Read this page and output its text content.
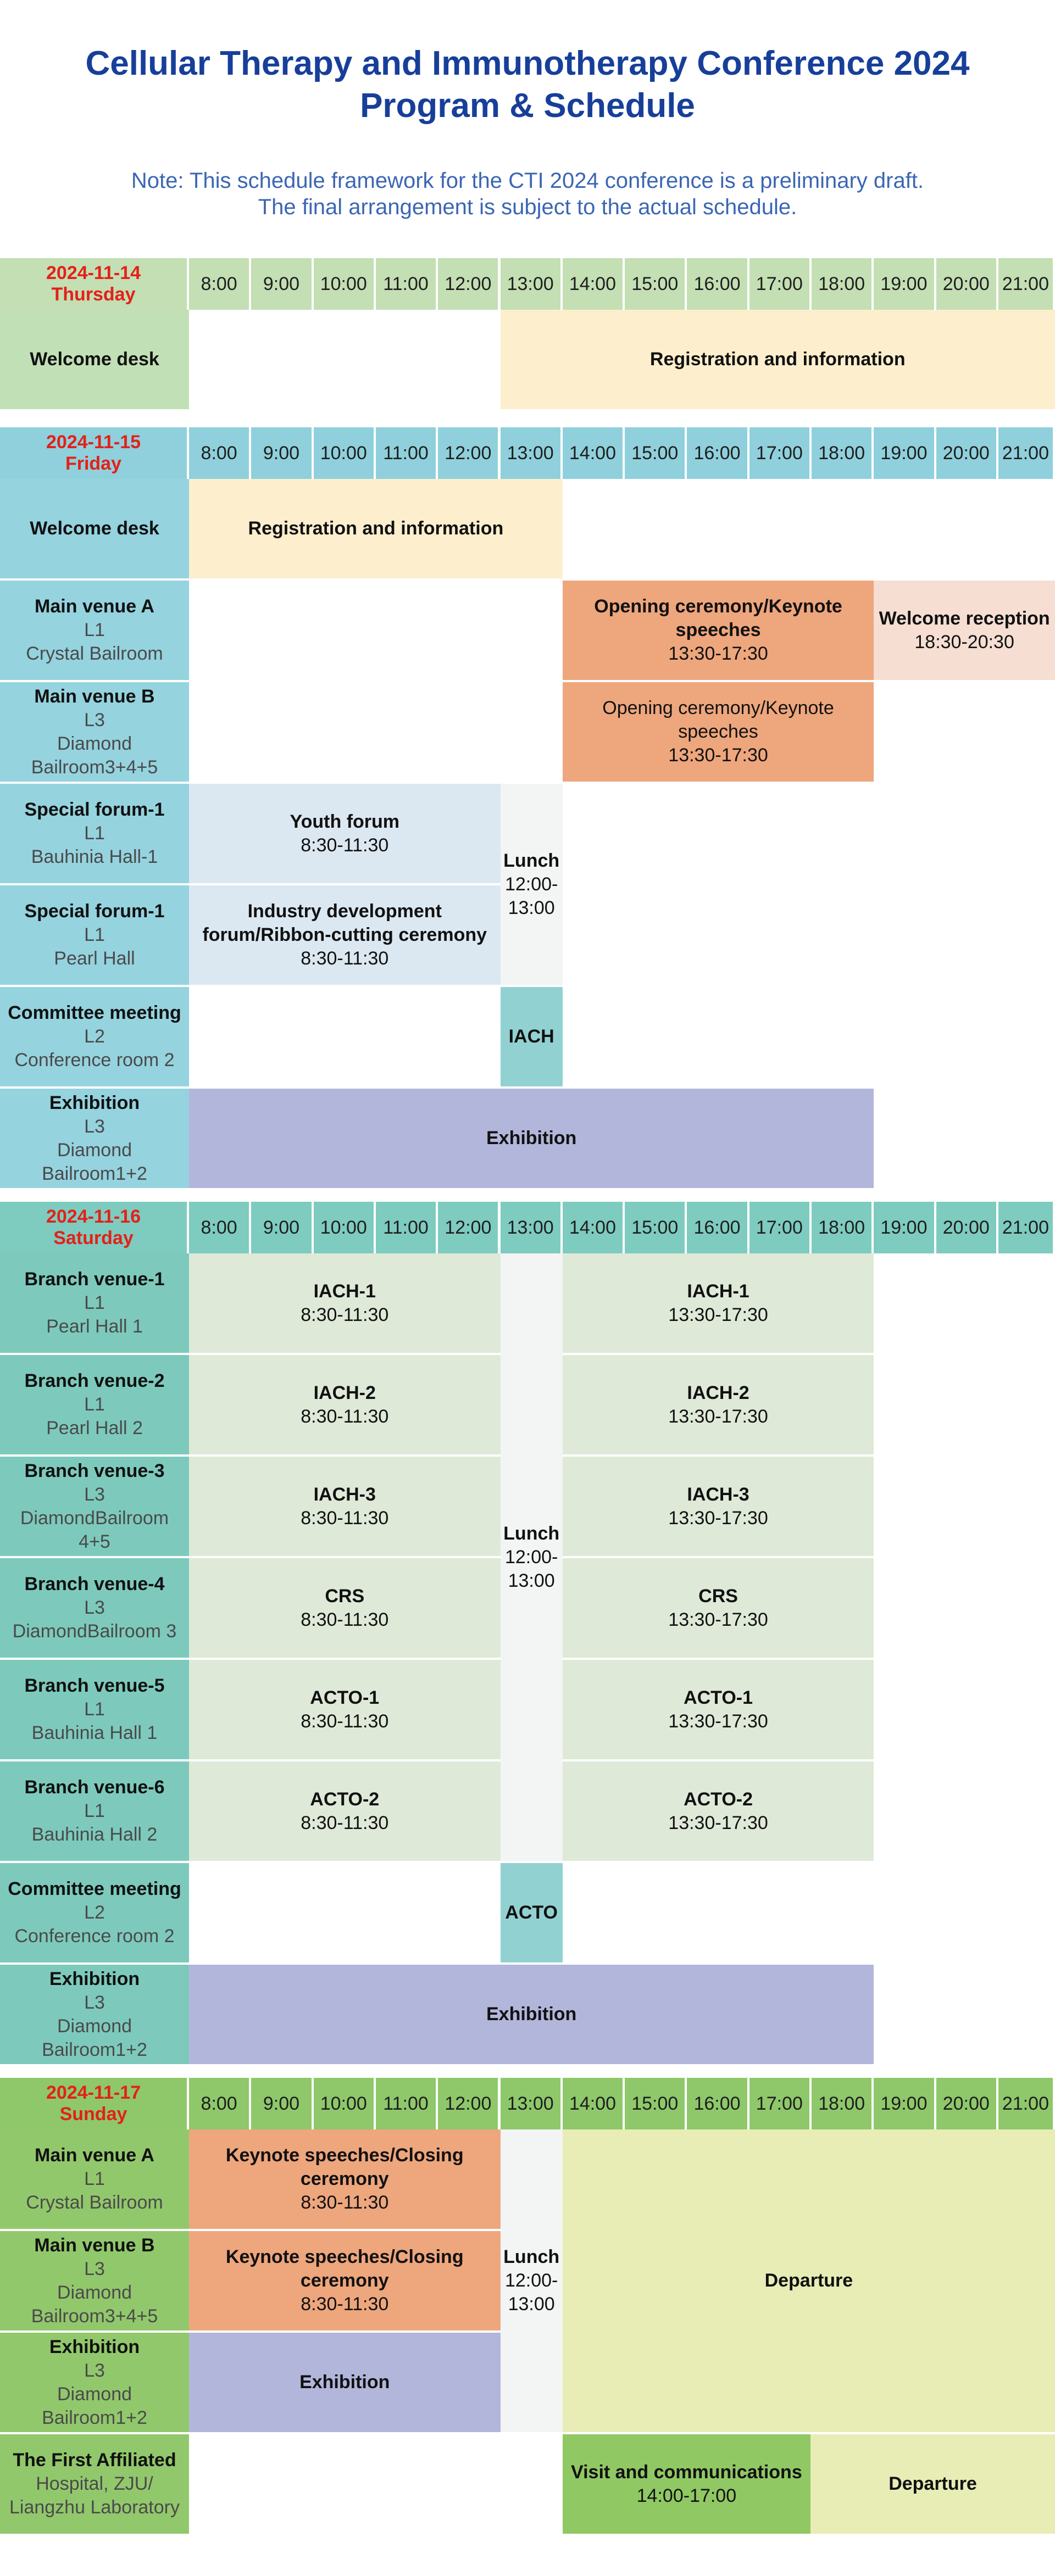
Cellular Therapy and Immunotherapy Conference 2024
Program & Schedule
Note: This schedule framework for the CTI 2024 conference is a preliminary draft.
The final arrangement is subject to the actual schedule.
2024-11-14
Thursday
8:00 9:00 10:00 11:00 12:00 13:00 14:00 15:00 16:00 17:00 18:00 19:00 20:00 21:00
Welcome desk	Registration and information
2024-11-15
Friday
8:00 9:00 10:00 11:00 12:00 13:00 14:00 15:00 16:00 17:00 18:00 19:00 20:00 21:00
Welcome desk
Main venue A
L1
Crystal Bailroom
Main venue B
L3
Diamond
Bailroom3+4+5
Special forum-1
L1
Bauhinia Hall-1
Special forum-1
L1
Pearl Hall
Committee meeting
L2
Conference room 2
Exhibition
L3
Diamond
Bailroom1+2
Registration and information
Opening ceremony/Keynote speeches
13:30-17:30
Welcome reception
18:30-20:30
Opening ceremony/Keynote speeches
13:30-17:30
Youth forum
8:30-11:30
Industry development forum/Ribbon-cutting ceremony
8:30-11:30
Lunch
12:00-13:00
IACH
Exhibition
2024-11-16
Saturday
8:00 9:00 10:00 11:00 12:00 13:00 14:00 15:00 16:00 17:00 18:00 19:00 20:00 21:00
Branch venue-1
L1
Pearl Hall 1
Branch venue-2
L1
Pearl Hall 2
Branch venue-3
L3
DiamondBailroom
4+5
Branch venue-4
L3
DiamondBailroom 3
Branch venue-5
L1
Bauhinia Hall 1
Branch venue-6
L1
Bauhinia Hall 2
Committee meeting
L2
Conference room 2
Exhibition
L3
Diamond
Bailroom1+2
IACH-1
8:30-11:30
IACH-1
13:30-17:30
IACH-2
8:30-11:30
IACH-2
13:30-17:30
IACH-3
8:30-11:30
IACH-3
13:30-17:30
CRS
8:30-11:30
CRS
13:30-17:30
ACTO-1
8:30-11:30
ACTO-1
13:30-17:30
ACTO-2
8:30-11:30
ACTO-2
13:30-17:30
Lunch
12:00-13:00
ACTO
Exhibition
2024-11-17
Sunday
8:00 9:00 10:00 11:00 12:00 13:00 14:00 15:00 16:00 17:00 18:00 19:00 20:00 21:00
Main venue A
L1
Crystal Bailroom
Main venue B
L3
Diamond
Bailroom3+4+5
Exhibition
L3
Diamond
Bailroom1+2
The First Affiliated
Hospital, ZJU/
Liangzhu Laboratory
Keynote speeches/Closing ceremony
8:30-11:30
Keynote speeches/Closing ceremony
8:30-11:30
Exhibition
Lunch
12:00-13:00
Departure
Visit and communications
14:00-17:00
Departure
